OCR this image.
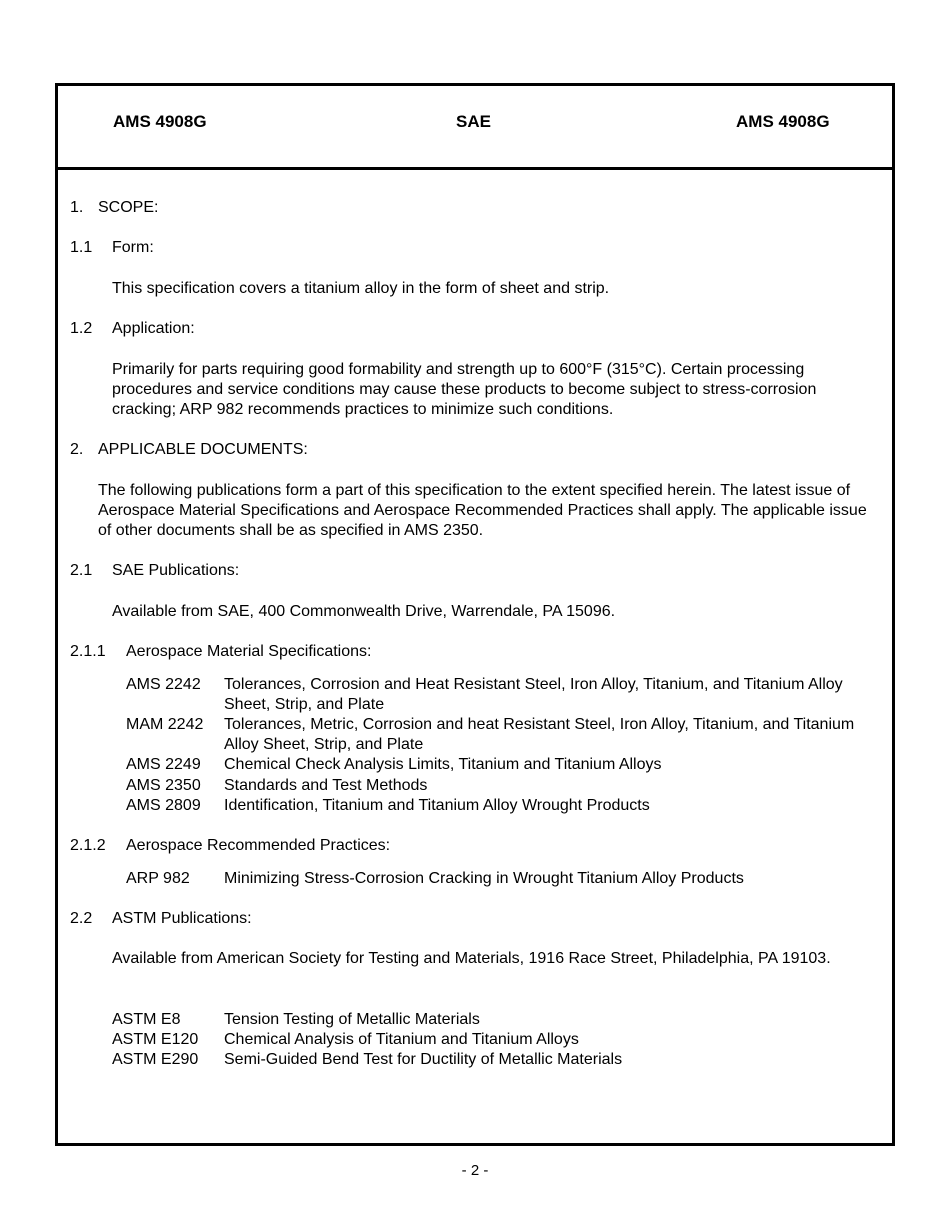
AMS 4908G	SAE	AMS 4908G
1. SCOPE:
1.1 Form:
This specification covers a titanium alloy in the form of sheet and strip.
1.2 Application:
Primarily for parts requiring good formability and strength up to 600°F (315°C). Certain processing procedures and service conditions may cause these products to become subject to stress-corrosion cracking; ARP 982 recommends practices to minimize such conditions.
2. APPLICABLE DOCUMENTS:
The following publications form a part of this specification to the extent specified herein. The latest issue of Aerospace Material Specifications and Aerospace Recommended Practices shall apply. The applicable issue of other documents shall be as specified in AMS 2350.
2.1 SAE Publications:
Available from SAE, 400 Commonwealth Drive, Warrendale, PA 15096.
2.1.1 Aerospace Material Specifications:
AMS 2242 Tolerances, Corrosion and Heat Resistant Steel, Iron Alloy, Titanium, and Titanium Alloy Sheet, Strip, and Plate
MAM 2242 Tolerances, Metric, Corrosion and heat Resistant Steel, Iron Alloy, Titanium, and Titanium Alloy Sheet, Strip, and Plate
AMS 2249 Chemical Check Analysis Limits, Titanium and Titanium Alloys
AMS 2350 Standards and Test Methods
AMS 2809 Identification, Titanium and Titanium Alloy Wrought Products
2.1.2 Aerospace Recommended Practices:
ARP 982 Minimizing Stress-Corrosion Cracking in Wrought Titanium Alloy Products
2.2 ASTM Publications:
Available from American Society for Testing and Materials, 1916 Race Street, Philadelphia, PA 19103.
ASTM E8	Tension Testing of Metallic Materials
ASTM E120 Chemical Analysis of Titanium and Titanium Alloys
ASTM E290 Semi-Guided Bend Test for Ductility of Metallic Materials
- 2 -
